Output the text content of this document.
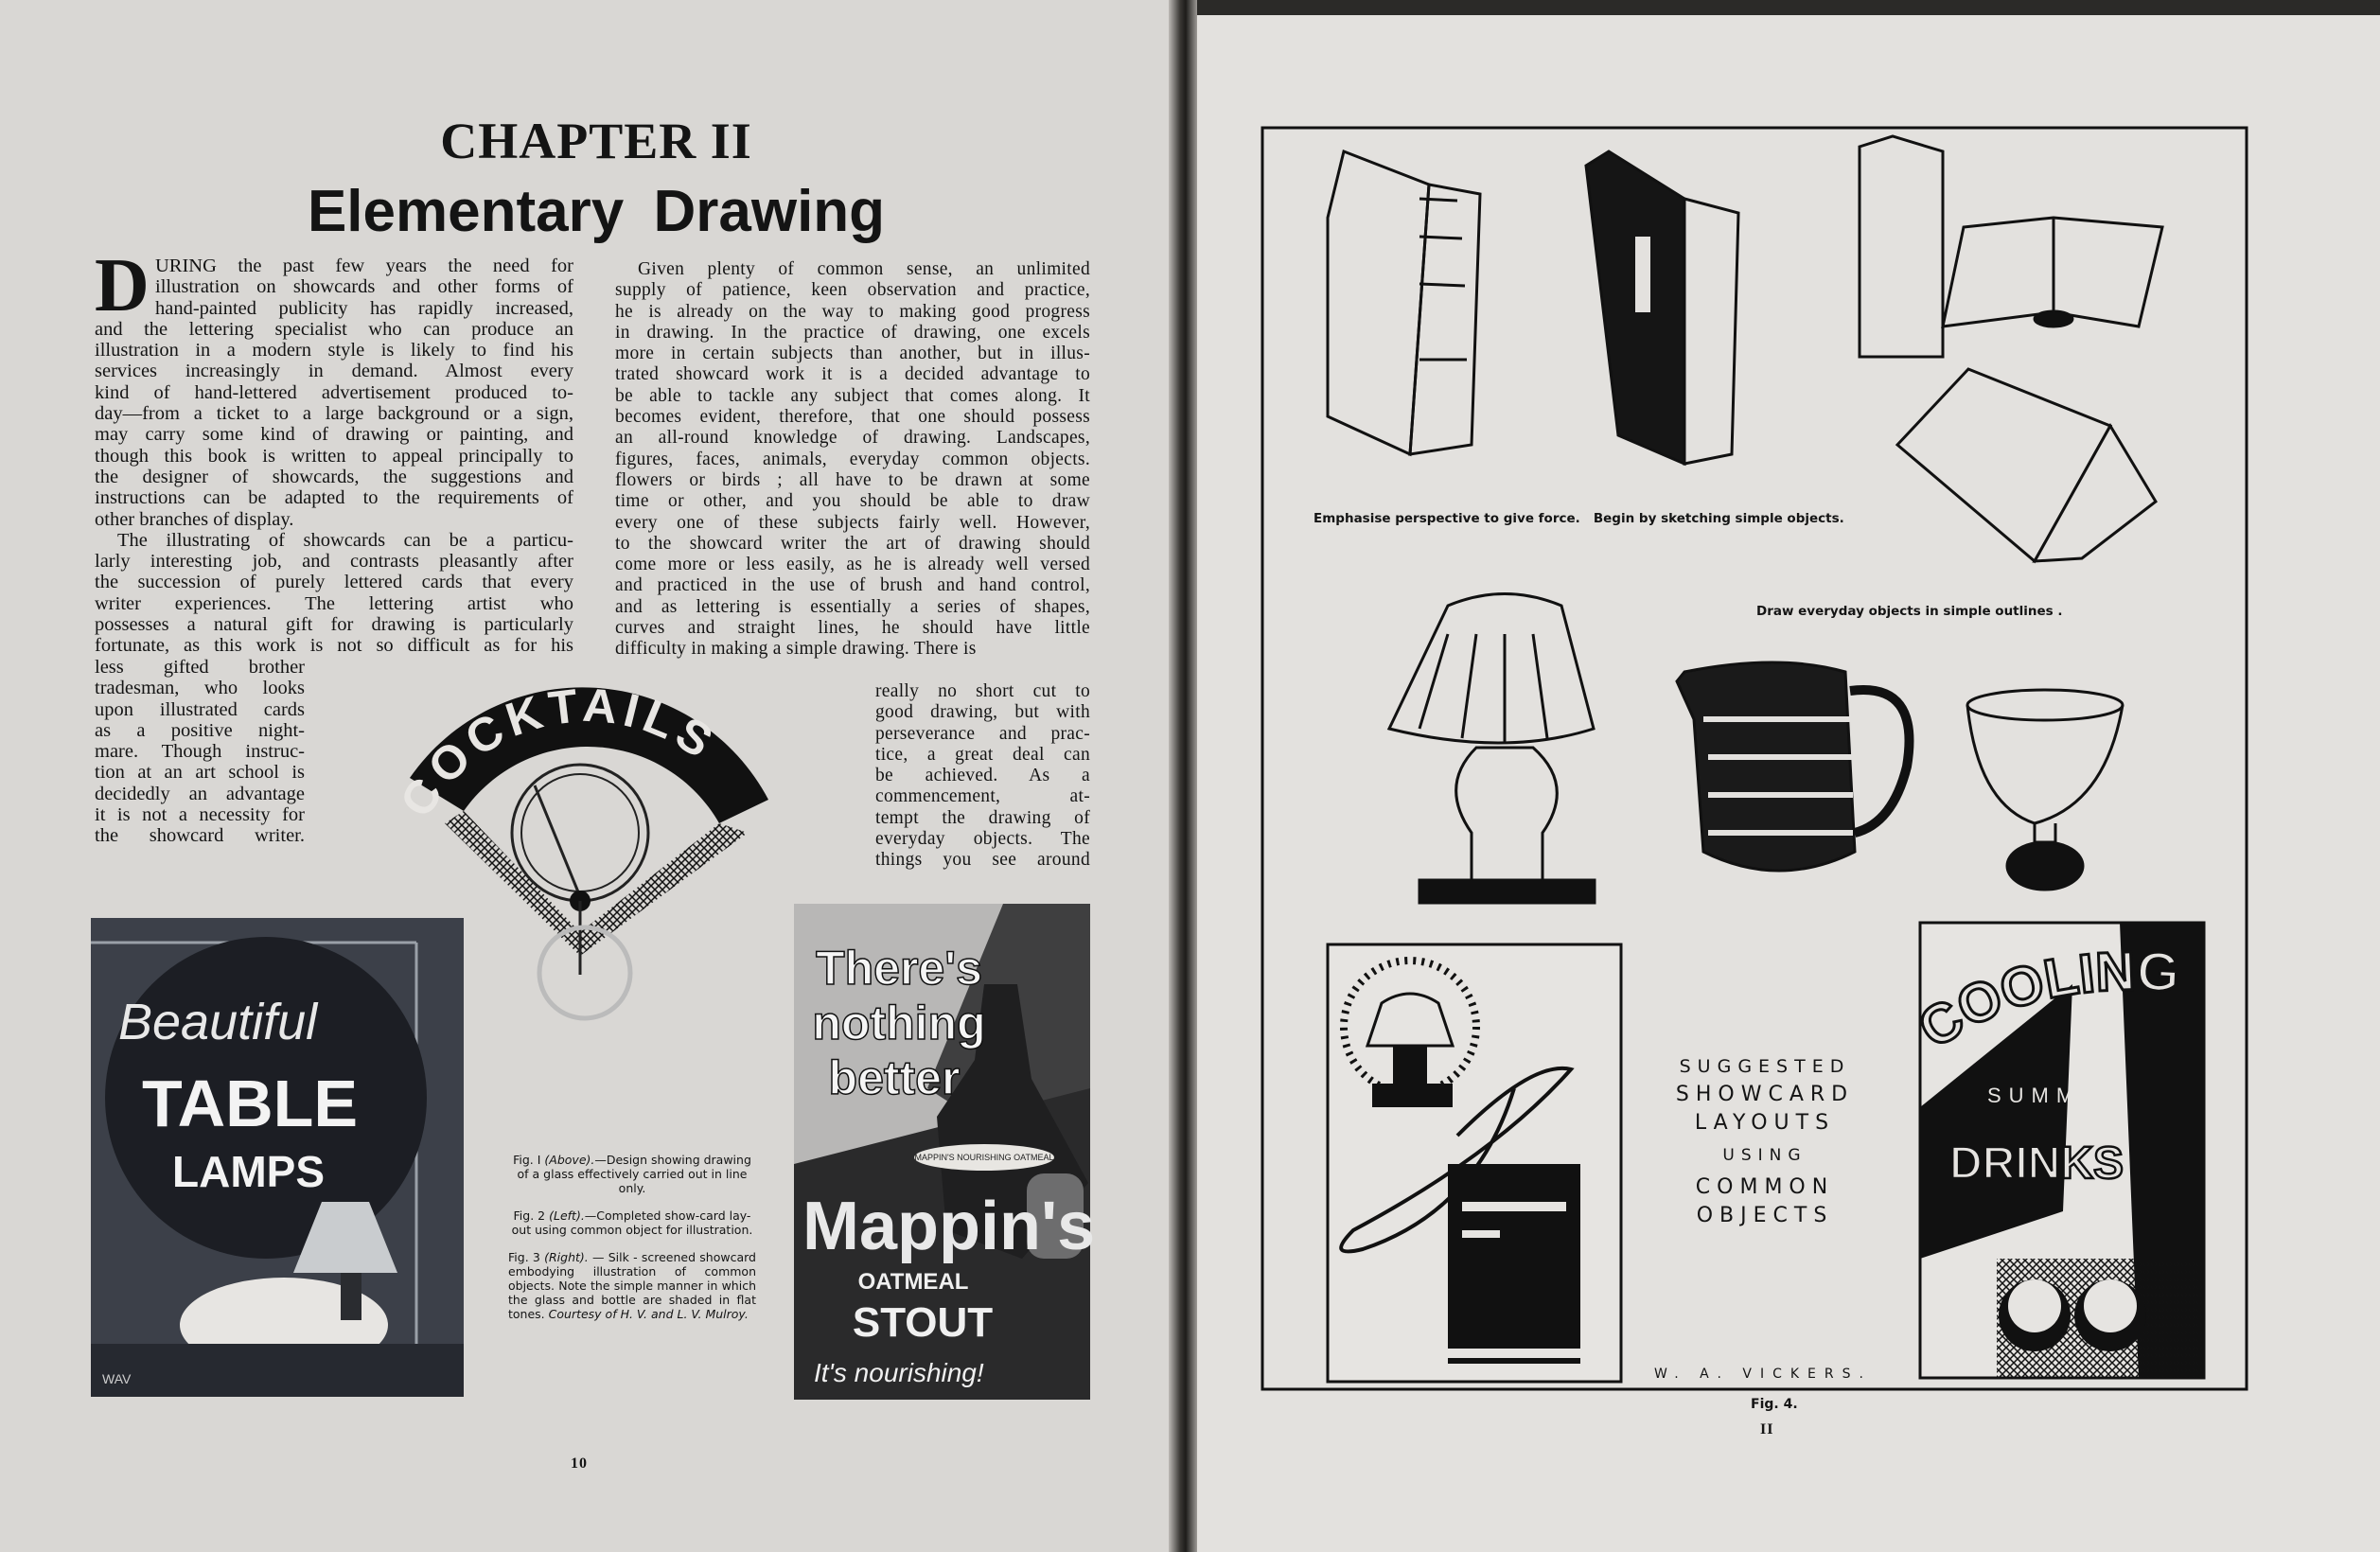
CHAPTER II
Elementary Drawing
D URING the past few years the need for
illustration on showcards and other forms of
hand-painted publicity has rapidly increased,
and the lettering specialist who can produce an
illustration in a modern style is likely to find his
services increasingly in demand. Almost every
kind of hand-lettered advertisement produced to-
day—from a ticket to a large background or a sign,
may carry some kind of drawing or painting, and
though this book is written to appeal principally to
the designer of showcards, the suggestions and
instructions can be adapted to the requirements of
other branches of display.
The illustrating of showcards can be a particu-
larly interesting job, and contrasts pleasantly after
the succession of purely lettered cards that every
writer experiences. The lettering artist who
possesses a natural gift for drawing is particularly
fortunate, as this work is not so difficult as for his
less gifted brother
tradesman, who looks
upon illustrated cards
as a positive night-
mare. Though instruc-
tion at an art school is
decidedly an advantage
it is not a necessity for
the showcard writer.
Given plenty of common sense, an unlimited
supply of patience, keen observation and practice,
he is already on the way to making good progress
in drawing. In the practice of drawing, one excels
more in certain subjects than another, but in illus-
trated showcard work it is a decided advantage to
be able to tackle any subject that comes along. It
becomes evident, therefore, that one should possess
an all-round knowledge of drawing. Landscapes,
figures, faces, animals, everyday common objects.
flowers or birds ; all have to be drawn at some
time or other, and you should be able to draw
every one of these subjects fairly well. However,
to the showcard writer the art of drawing should
come more or less easily, as he is already well versed
and practiced in the use of brush and hand control,
and as lettering is essentially a series of shapes,
curves and straight lines, he should have little
difficulty in making a simple drawing. There is
really no short cut to
good drawing, but with
perseverance and prac-
tice, a great deal can
be achieved. As a
commencement, at-
tempt the drawing of
everyday objects. The
things you see around
COCKTAILS
Beautiful
TABLE
LAMPS
WAV
There's
nothing
better
Mappin's
OATMEAL
STOUT
It's nourishing!
MAPPIN'S NOURISHING OATMEAL
COOLING
SUMMER
DRINKS

Fig. I (Above).—Design showing drawing of a glass effectively carried out in line only.

Fig. 2 (Left).—Completed show-card lay-out using common object for illustration.

Fig. 3 (Right). — Silk - screened showcard embodying illustration of common objects. Note the simple manner in which the glass and bottle are shaded in flat tones. Courtesy of H. V. and L. V. Mulroy.

10
Emphasise perspective to give force.   Begin by sketching simple objects.
Draw everyday objects in simple outlines .
SUGGESTED
SHOWCARD
LAYOUTS
USING
COMMON
OBJECTS
W. A. VICKERS.
Fig. 4.
II
